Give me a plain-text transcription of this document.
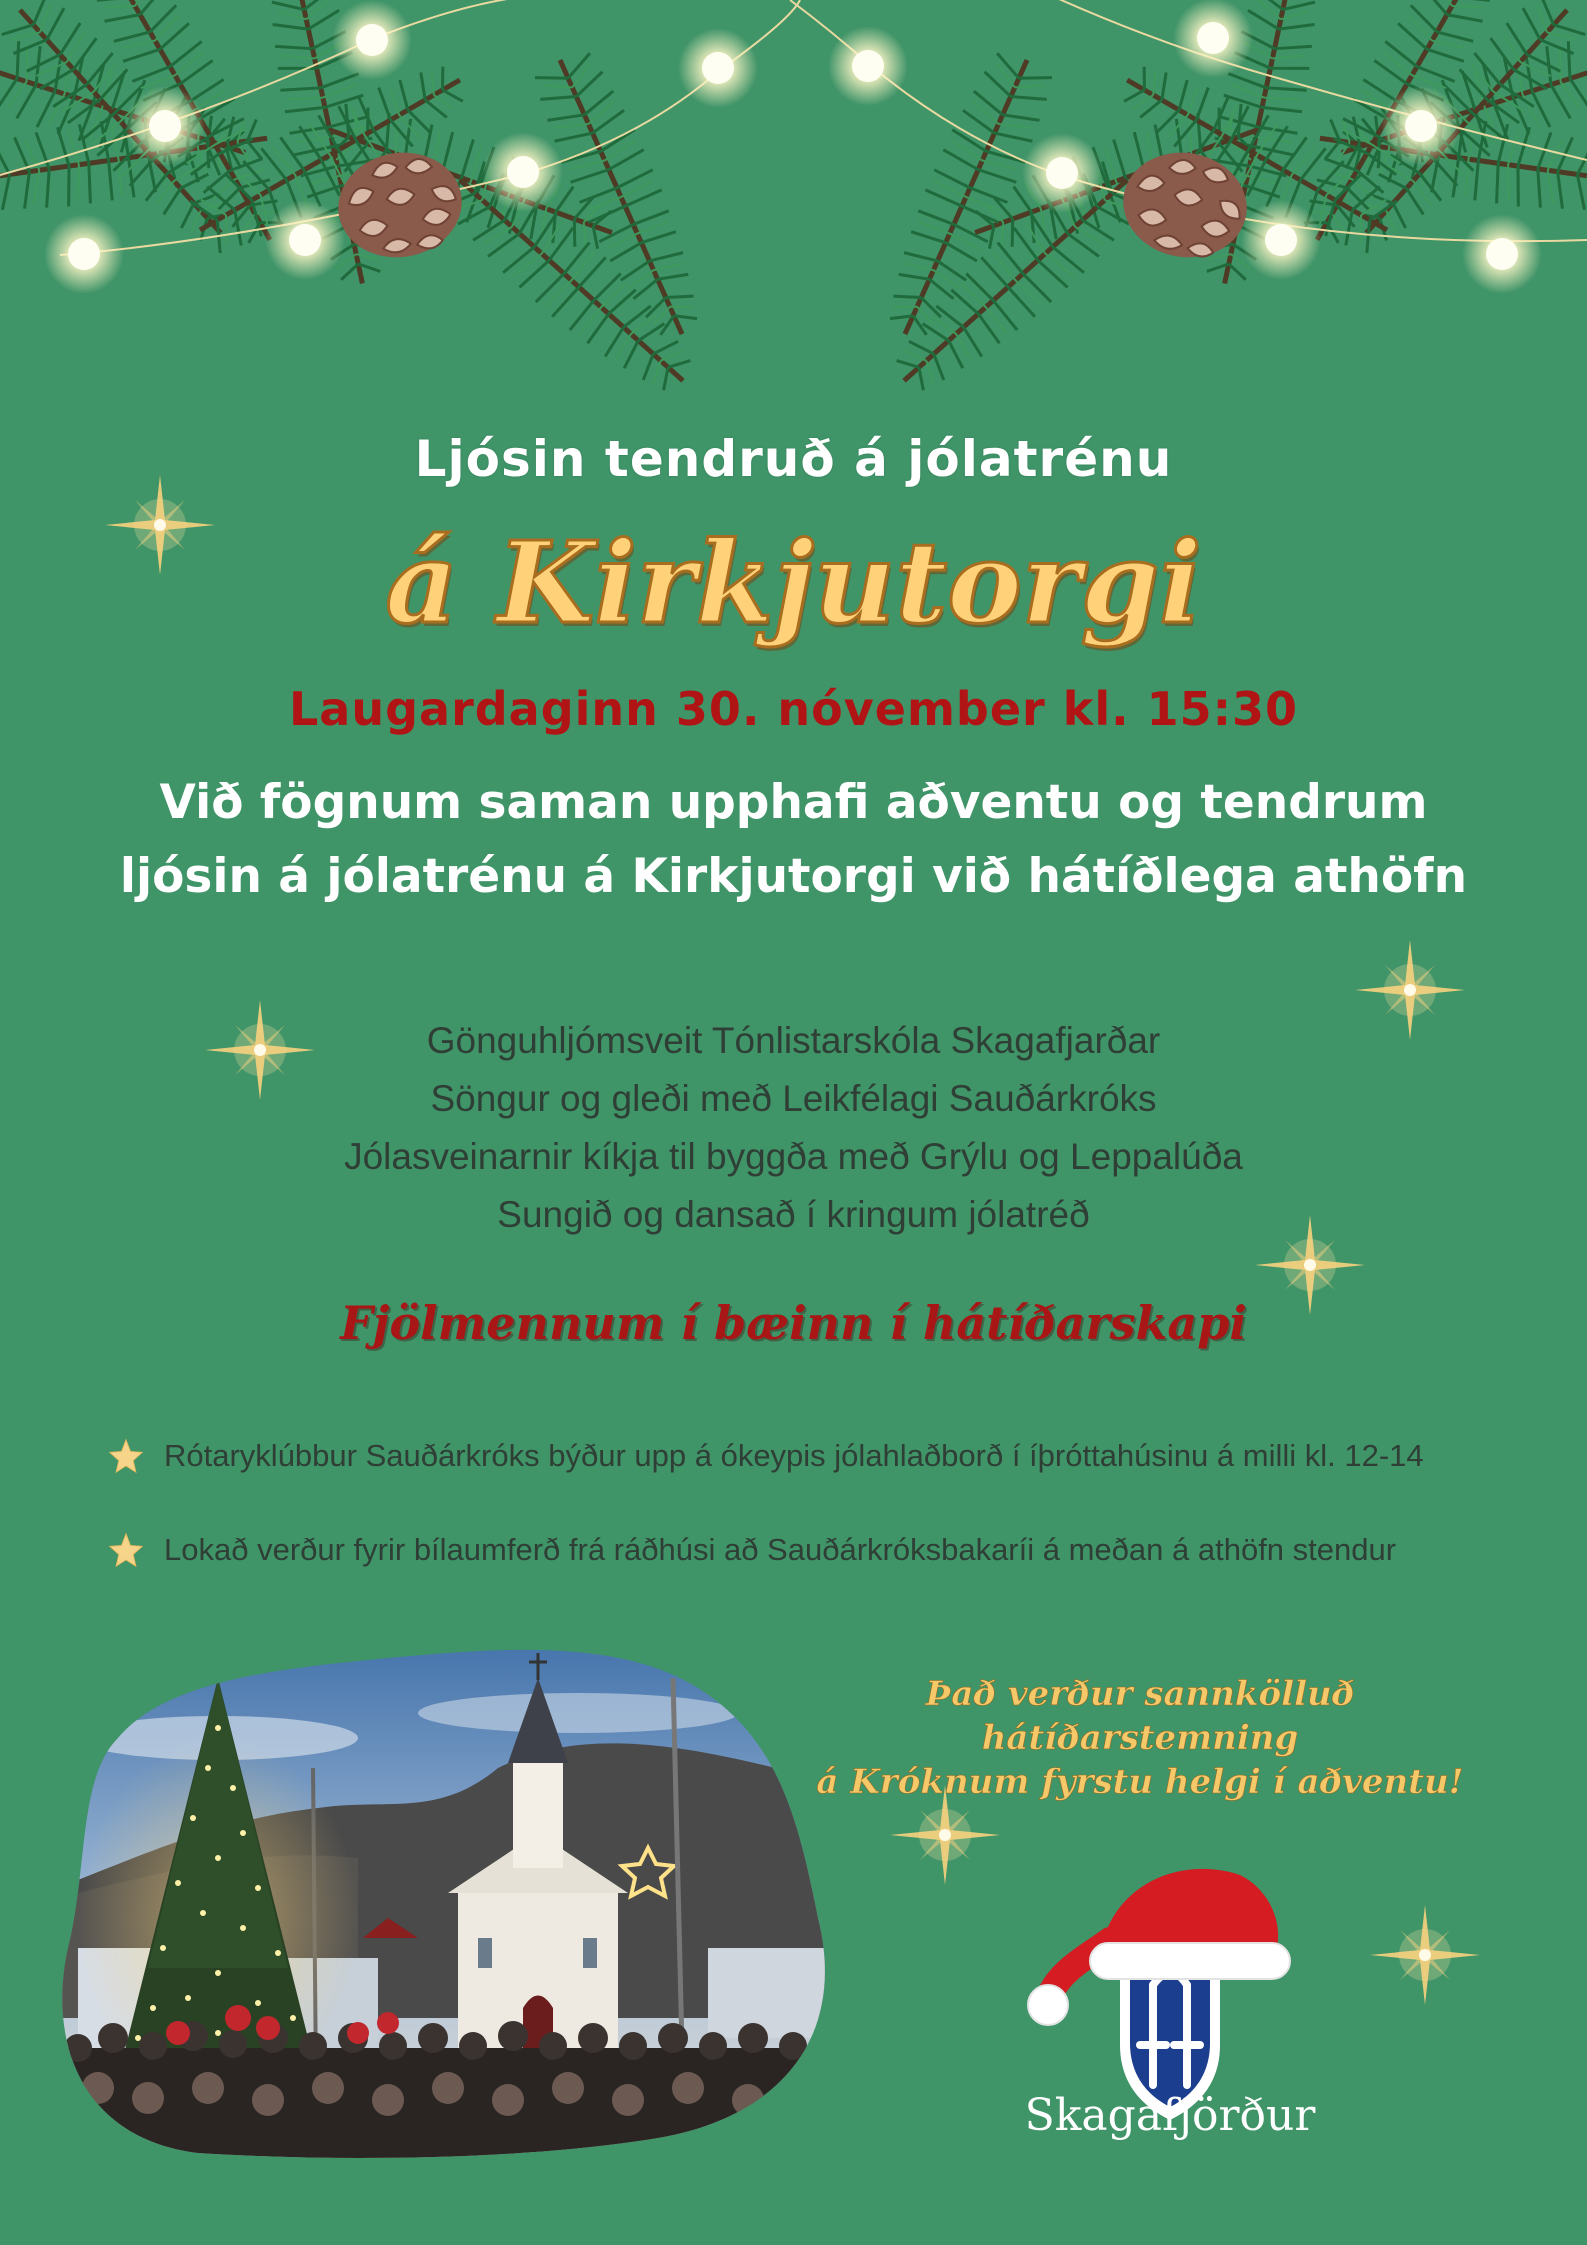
Ljósin tendruð á jólatrénu
á Kirkjutorgi
Laugardaginn 30. nóvember kl. 15:30
Við fögnum saman upphafi aðventu og tendrum
ljósin á jólatrénu á Kirkjutorgi við hátíðlega athöfn
Gönguhljómsveit Tónlistarskóla Skagafjarðar
Söngur og gleði með Leikfélagi Sauðárkróks
Jólasveinarnir kíkja til byggða með Grýlu og Leppalúða
Sungið og dansað í kringum jólatréð
Fjölmennum í bæinn í hátíðarskapi
Rótaryklúbbur Sauðárkróks býður upp á ókeypis jólahlaðborð í íþróttahúsinu á milli kl. 12-14
Lokað verður fyrir bílaumferð frá ráðhúsi að Sauðárkróksbakaríi á meðan á athöfn stendur
Það verður sannkölluð hátíðarstemning
á Króknum fyrstu helgi í aðventu!
Skagafjörður
